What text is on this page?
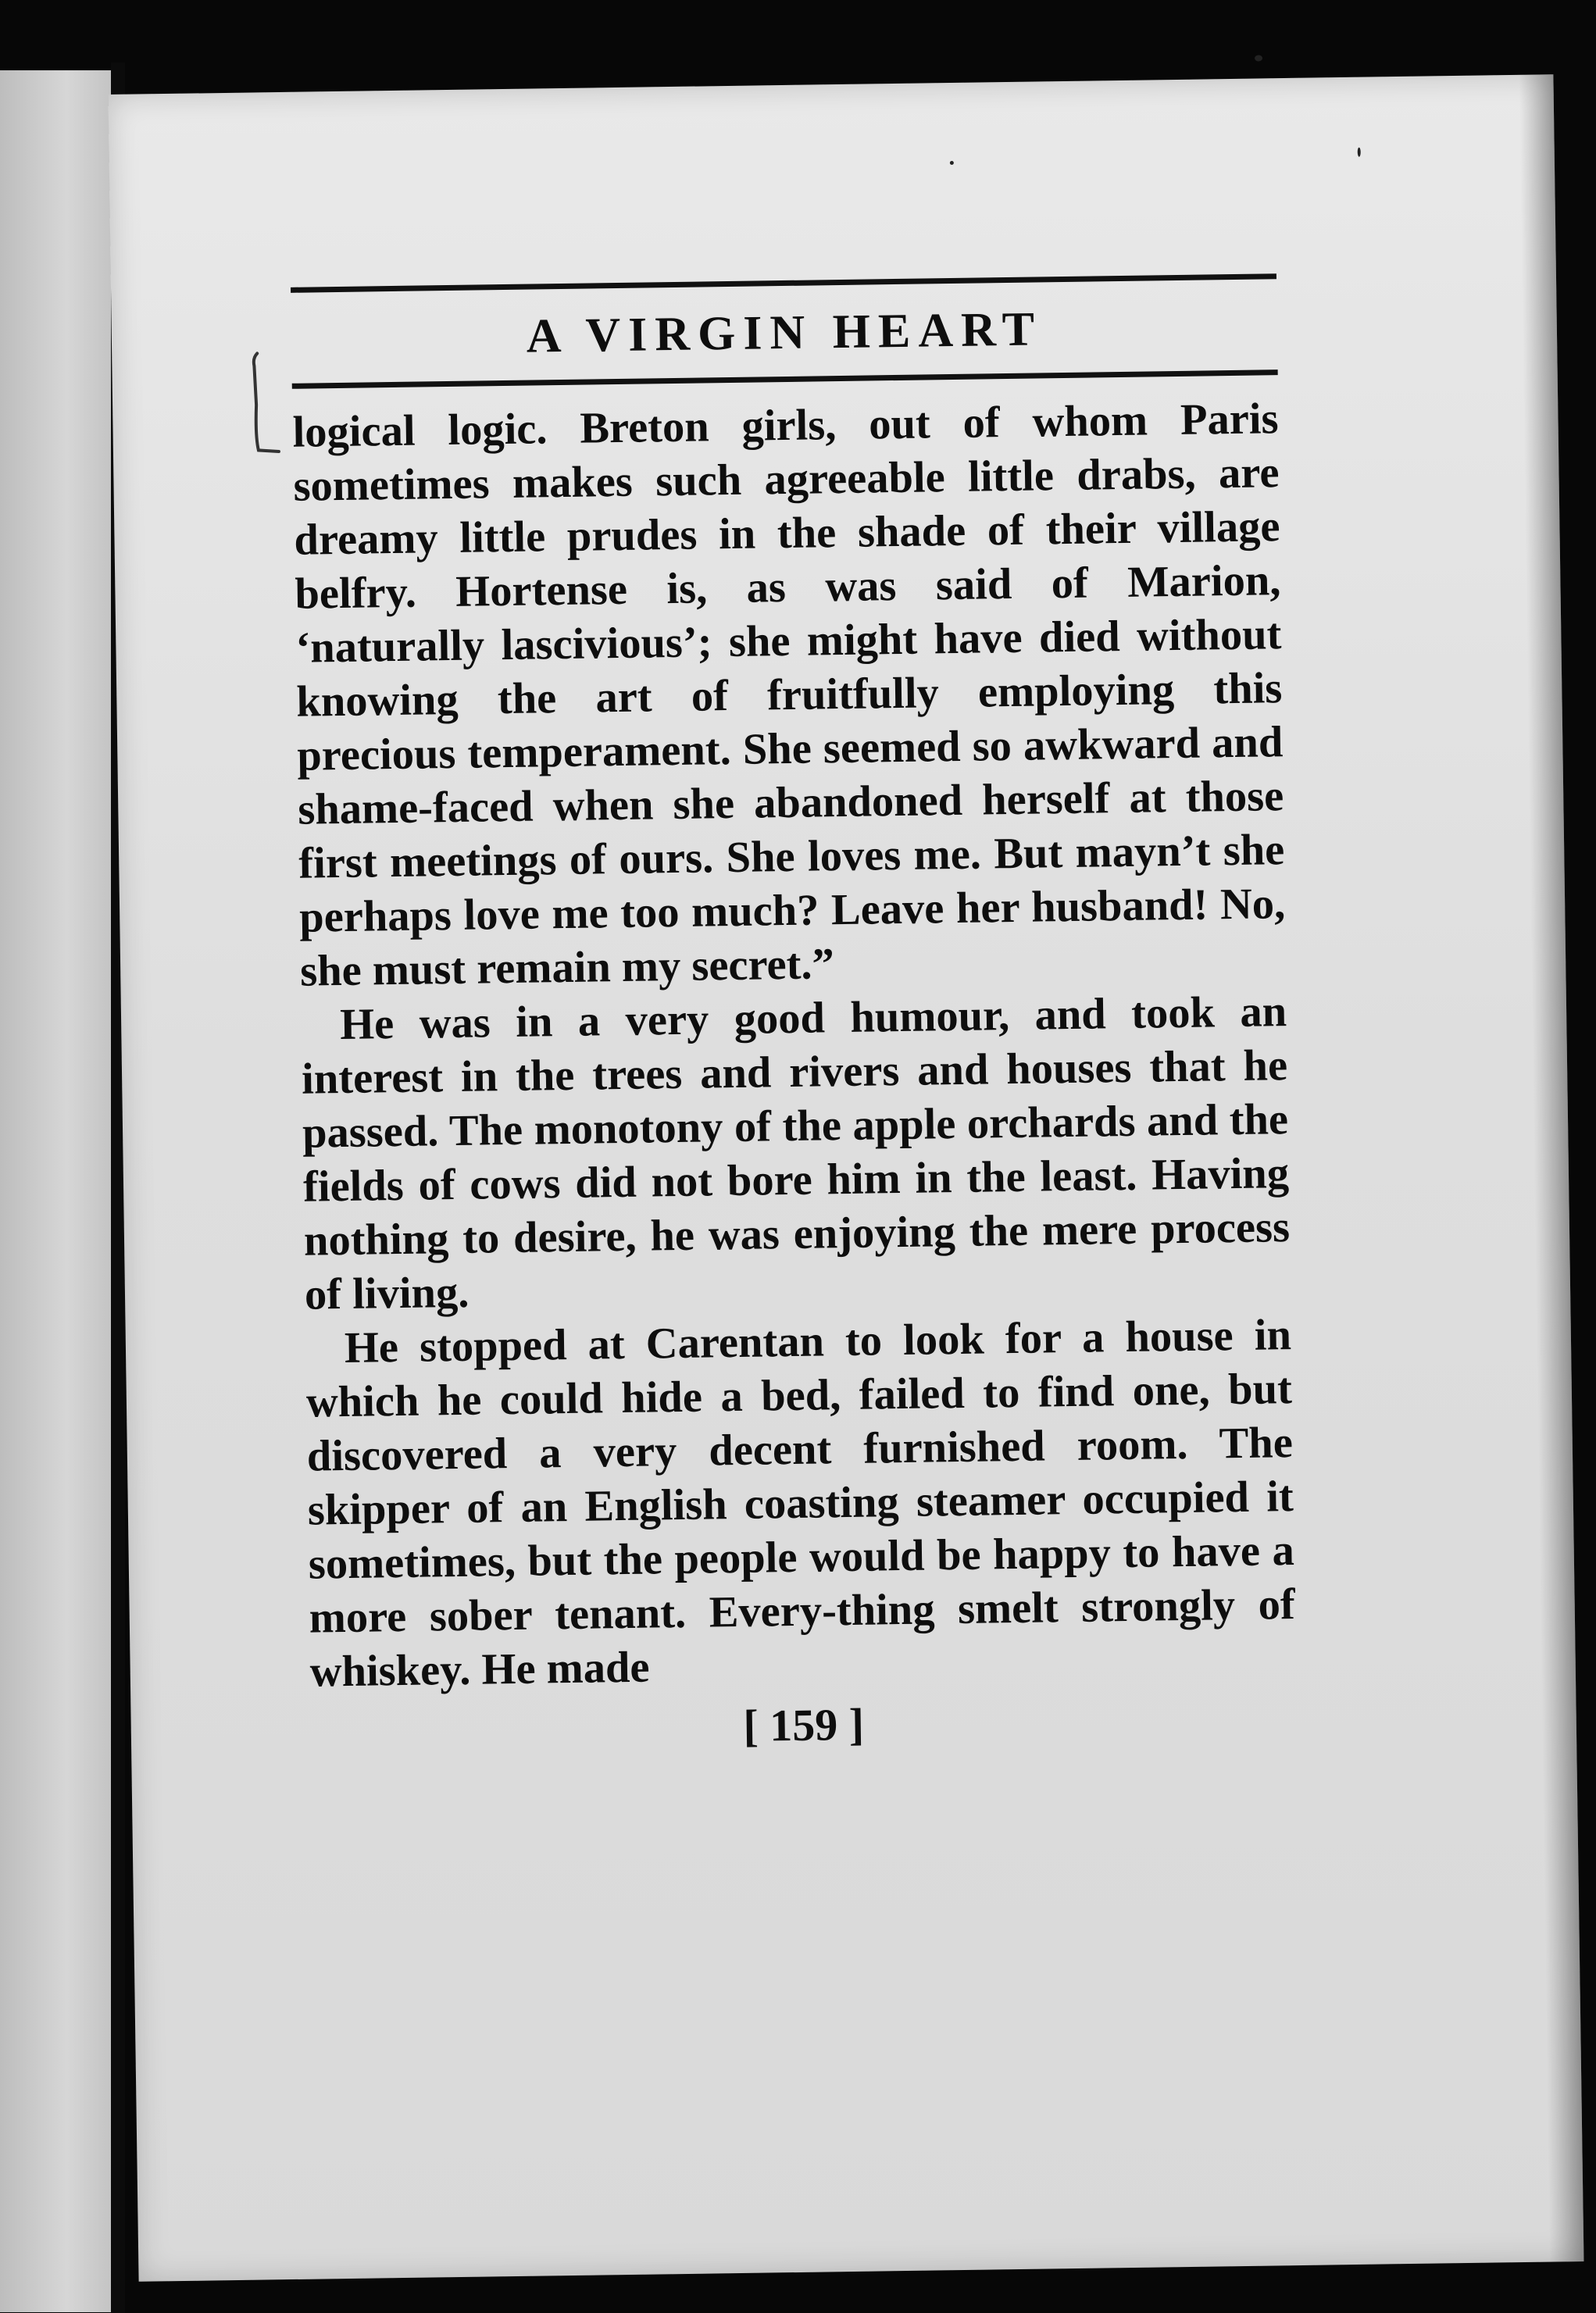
A VIRGIN HEART

logical logic. Breton girls, out of whom Paris sometimes makes such agreeable little drabs, are dreamy little prudes in the shade of their village belfry. Hortense is, as was said of Marion, ‘naturally lascivious’; she might have died without knowing the art of fruitfully employing this precious temperament. She seemed so awkward and shame-faced when she abandoned herself at those first meetings of ours. She loves me. But mayn’t she perhaps love me too much? Leave her husband! No, she must remain my secret.”

He was in a very good humour, and took an interest in the trees and rivers and houses that he passed. The monotony of the apple orchards and the fields of cows did not bore him in the least. Having nothing to desire, he was enjoying the mere process of living.

He stopped at Carentan to look for a house in which he could hide a bed, failed to find one, but discovered a very decent furnished room. The skipper of an English coasting steamer occupied it sometimes, but the people would be happy to have a more sober tenant. Every-thing smelt strongly of whiskey. He made

[ 159 ]
